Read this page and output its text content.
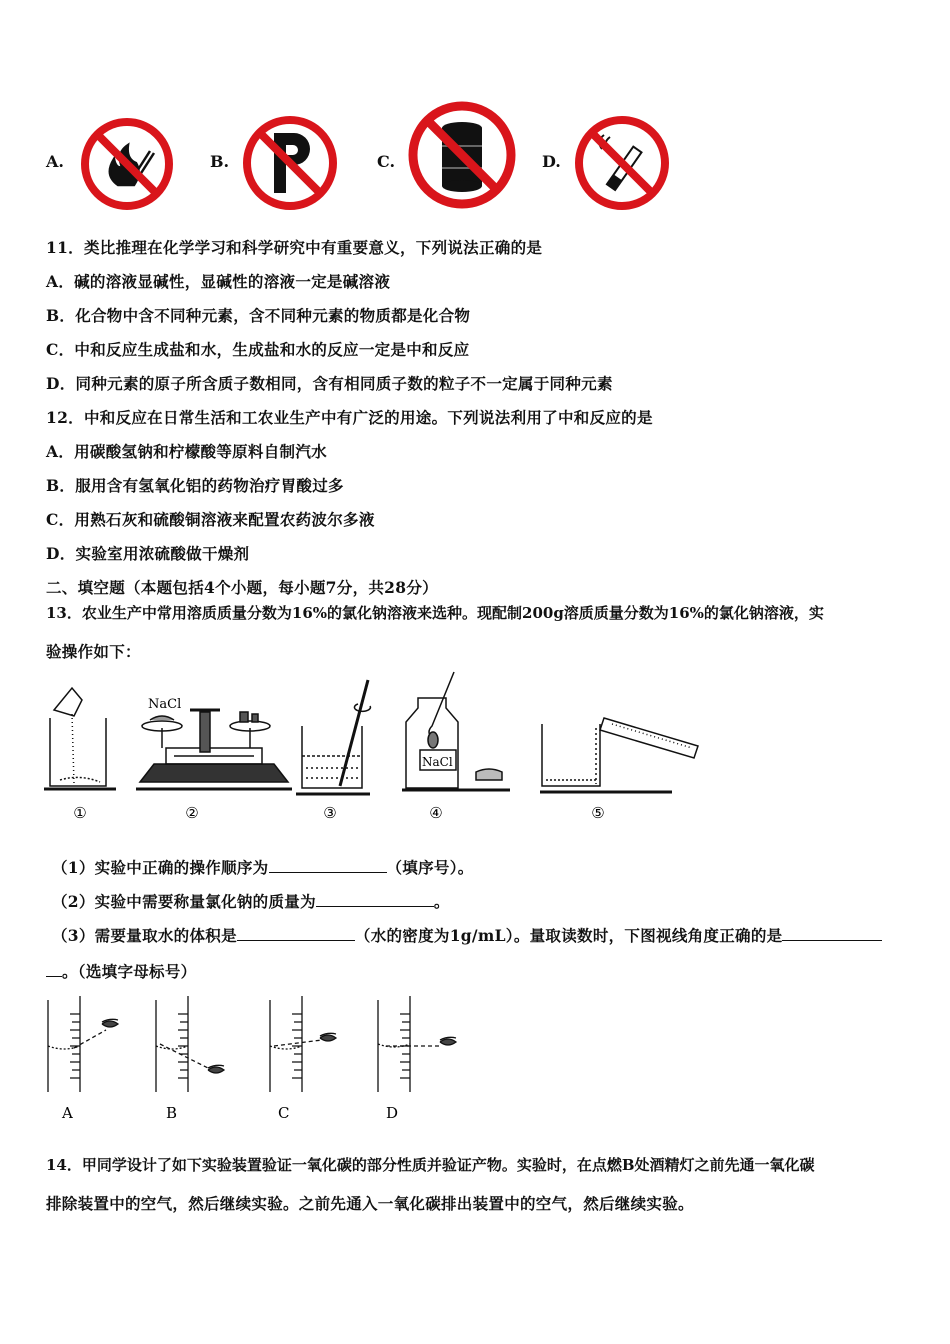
A.	B.	C.	D.
11．类比推理在化学学习和科学研究中有重要意义，下列说法正确的是
A．碱的溶液显碱性，显碱性的溶液一定是碱溶液
B．化合物中含不同种元素，含不同种元素的物质都是化合物
C．中和反应生成盐和水，生成盐和水的反应一定是中和反应
D．同种元素的原子所含质子数相同，含有相同质子数的粒子不一定属于同种元素
12．中和反应在日常生活和工农业生产中有广泛的用途。下列说法利用了中和反应的是
A．用碳酸氢钠和柠檬酸等原料自制汽水
B．服用含有氢氧化铝的药物治疗胃酸过多
C．用熟石灰和硫酸铜溶液来配置农药波尔多液
D．实验室用浓硫酸做干燥剂
二、填空题（本题包括4个小题，每小题7分，共28分）
13．农业生产中常用溶质质量分数为16%的氯化钠溶液来选种。现配制200g溶质质量分数为16%的氯化钠溶液，实
验操作如下：
NaCl
NaCl
①	②	③	④	⑤
（1）实验中正确的操作顺序为	（填序号）。
（2）实验中需要称量氯化钠的质量为	。
（3）需要量取水的体积是	（水的密度为1g/mL）。量取读数时，下图视线角度正确的是
。（选填字母标号）
A	B	C	D
14．甲同学设计了如下实验装置验证一氧化碳的部分性质并验证产物。实验时，在点燃B处酒精灯之前先通一氧化碳
排除装置中的空气，然后继续实验。之前先通入一氧化碳排出装置中的空气，然后继续实验。
